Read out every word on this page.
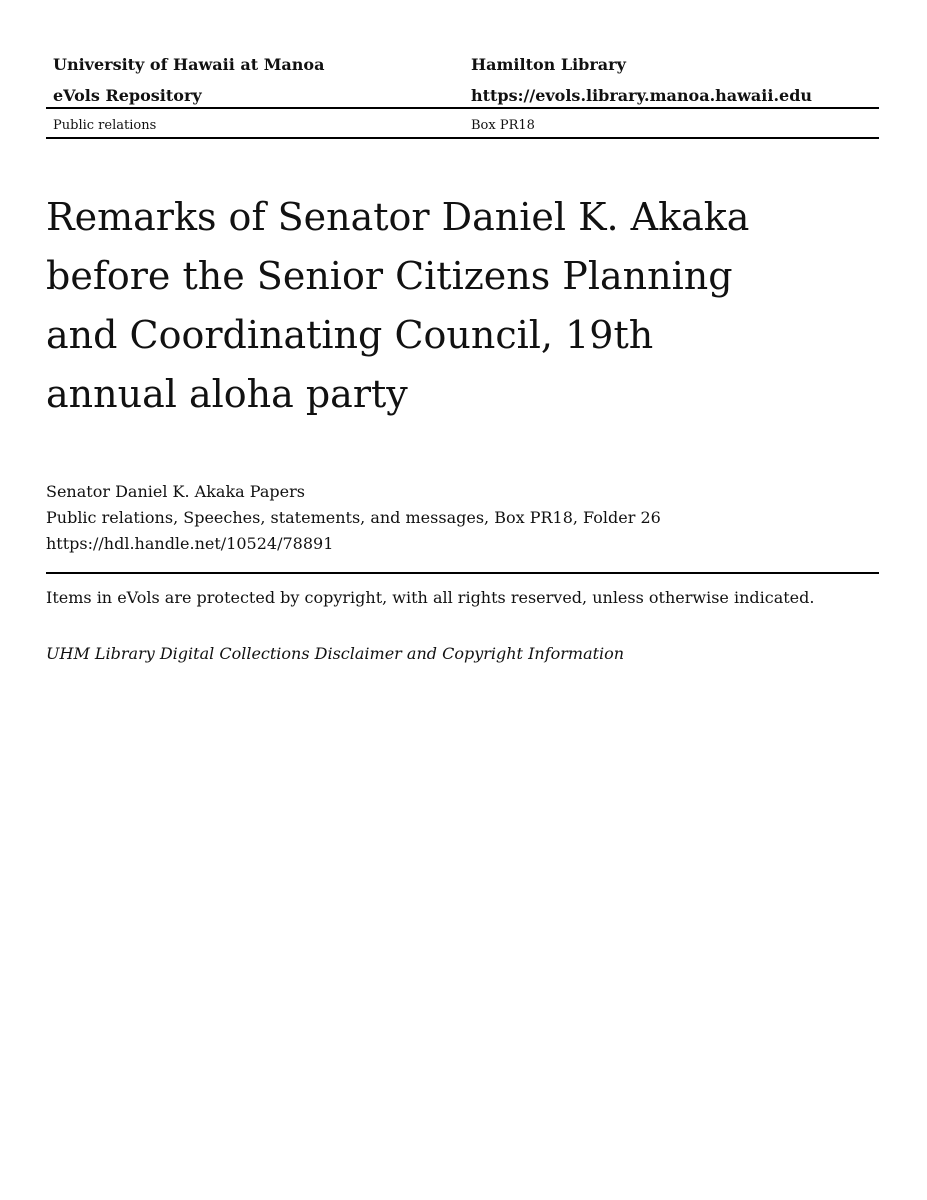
University of Hawaii at Manoa	Hamilton Library
eVols Repository	https://evols.library.manoa.hawaii.edu
Public relations	Box PR18
Remarks of Senator Daniel K. Akaka
before the Senior Citizens Planning
and Coordinating Council, 19th
annual aloha party
Senator Daniel K. Akaka Papers
Public relations, Speeches, statements, and messages, Box PR18, Folder 26
https://hdl.handle.net/10524/78891
Items in eVols are protected by copyright, with all rights reserved, unless otherwise indicated.
UHM Library Digital Collections Disclaimer and Copyright Information
